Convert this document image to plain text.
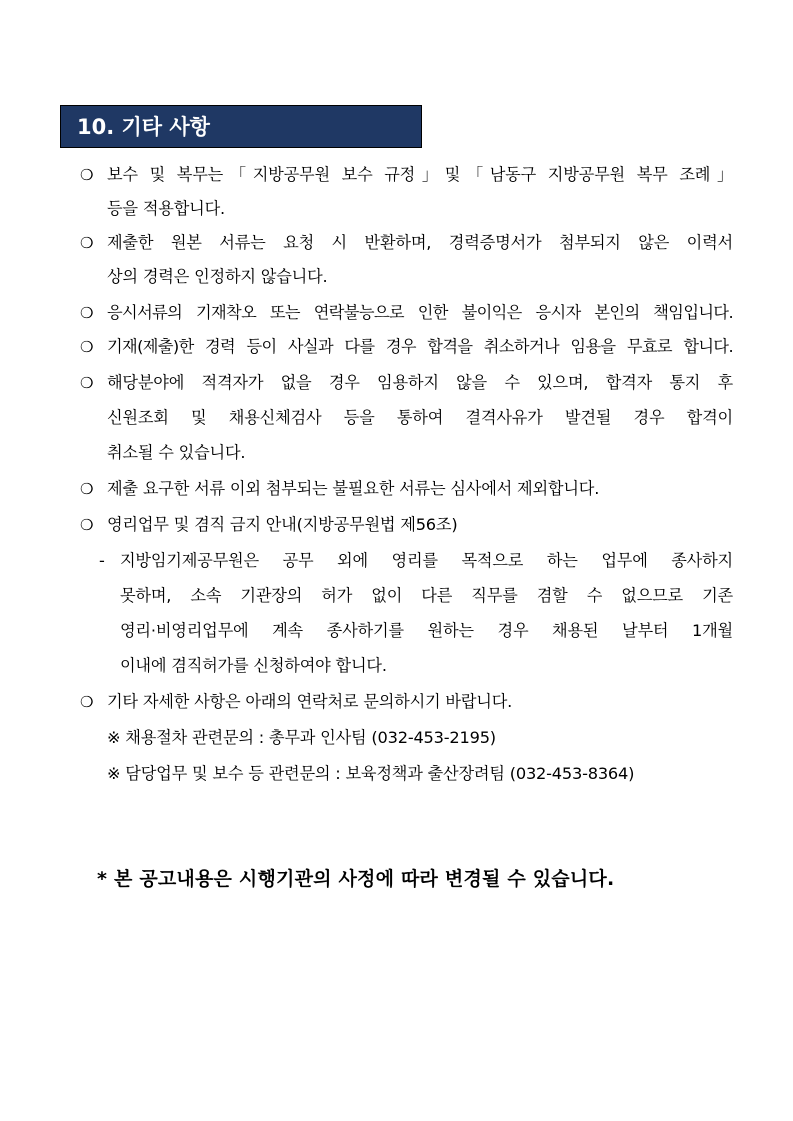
10. 기타 사항
❍ 보수 및 복무는「지방공무원 보수 규정」및「남동구 지방공무원 복무 조례」
등을 적용합니다.
❍ 제출한 원본 서류는 요청 시 반환하며, 경력증명서가 첨부되지 않은 이력서
상의 경력은 인정하지 않습니다.
❍ 응시서류의 기재착오 또는 연락불능으로 인한 불이익은 응시자 본인의 책임입니다.
❍ 기재(제출)한 경력 등이 사실과 다를 경우 합격을 취소하거나 임용을 무효로 합니다.
❍ 해당분야에 적격자가 없을 경우 임용하지 않을 수 있으며, 합격자 통지 후
신원조회 및 채용신체검사 등을 통하여 결격사유가 발견될 경우 합격이
취소될 수 있습니다.
❍ 제출 요구한 서류 이외 첨부되는 불필요한 서류는 심사에서 제외합니다.
❍ 영리업무 및 겸직 금지 안내(지방공무원법 제56조)
- 지방임기제공무원은 공무 외에 영리를 목적으로 하는 업무에 종사하지
못하며, 소속 기관장의 허가 없이 다른 직무를 겸할 수 없으므로 기존
영리·비영리업무에 계속 종사하기를 원하는 경우 채용된 날부터 1개월
이내에 겸직허가를 신청하여야 합니다.
❍ 기타 자세한 사항은 아래의 연락처로 문의하시기 바랍니다.
※ 채용절차 관련문의 : 총무과 인사팀 (032-453-2195)
※ 담당업무 및 보수 등 관련문의 : 보육정책과 출산장려팀 (032-453-8364)
* 본 공고내용은 시행기관의 사정에 따라 변경될 수 있습니다.
